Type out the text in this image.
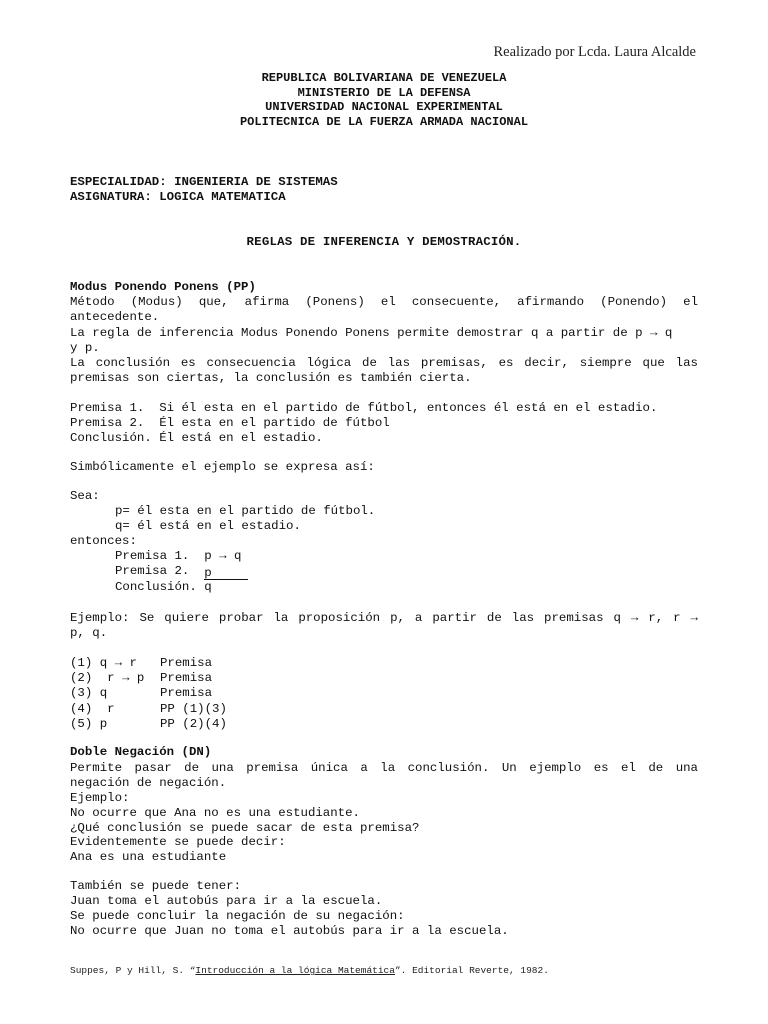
Realizado por Lcda. Laura Alcalde
REPUBLICA BOLIVARIANA DE VENEZUELA
MINISTERIO DE LA DEFENSA
UNIVERSIDAD NACIONAL EXPERIMENTAL
POLITECNICA DE LA FUERZA ARMADA NACIONAL
ESPECIALIDAD: INGENIERIA DE SISTEMAS
ASIGNATURA: LOGICA MATEMATICA
REGLAS DE INFERENCIA Y DEMOSTRACIÓN.
Modus Ponendo Ponens (PP)
Método (Modus) que, afirma (Ponens) el consecuente, afirmando (Ponendo) el
antecedente.
La regla de inferencia Modus Ponendo Ponens permite demostrar q a partir de p → q
y p.
La conclusión es consecuencia lógica de las premisas, es decir, siempre que las
premisas son ciertas, la conclusión es también cierta.
Premisa 1.  Si él esta en el partido de fútbol, entonces él está en el estadio.
Premisa 2.  Él esta en el partido de fútbol
Conclusión. Él está en el estadio.
Simbólicamente el ejemplo se expresa así:
Sea:
p= él esta en el partido de fútbol.
q= él está en el estadio.
entonces:
Premisa 1.  p → q
Premisa 2.  p
Conclusión. q
Ejemplo: Se quiere probar la proposición p, a partir de las premisas q → r, r →
p, q.
(1) q → r Premisa
(2)  r → p Premisa
(3) q	Premisa
(4)  r	PP (1)(3)
(5) p	PP (2)(4)
Doble Negación (DN)
Permite pasar de una premisa única a la conclusión. Un ejemplo es el de una
negación de negación.
Ejemplo:
No ocurre que Ana no es una estudiante.
¿Qué conclusión se puede sacar de esta premisa?
Evidentemente se puede decir:
Ana es una estudiante
También se puede tener:
Juan toma el autobús para ir a la escuela.
Se puede concluir la negación de su negación:
No ocurre que Juan no toma el autobús para ir a la escuela.
Suppes, P y Hill, S. “Introducción a la lógica Matemática”. Editorial Reverte, 1982.
